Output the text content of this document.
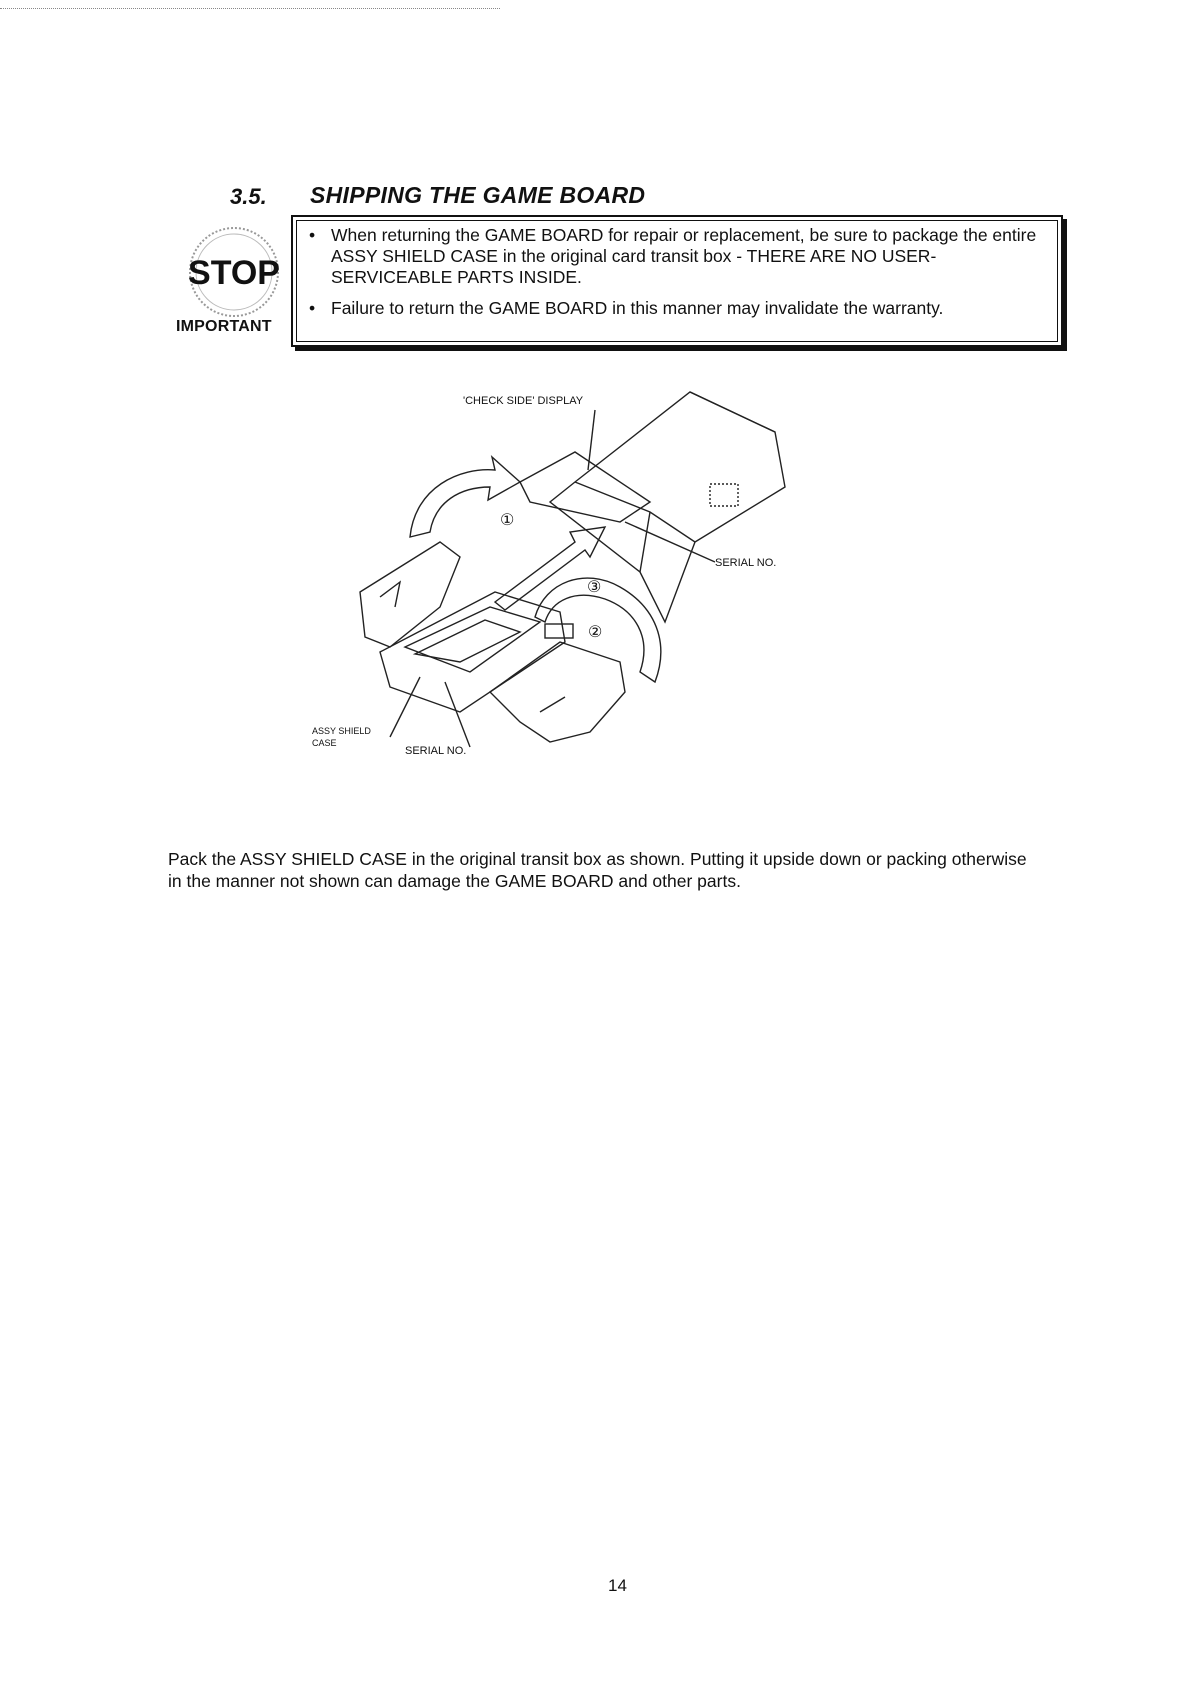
3.5. SHIPPING THE GAME BOARD
STOP
IMPORTANT
• When returning the GAME BOARD for repair or replacement, be sure to package the entire ASSY SHIELD CASE in the original card transit box - THERE ARE NO USER-SERVICEABLE PARTS INSIDE.
• Failure to return the GAME BOARD in this manner may invalidate the warranty.
'CHECK SIDE' DISPLAY
SERIAL NO.
ASSY SHIELD
CASE
SERIAL NO.
①
②
③
Pack the ASSY SHIELD CASE in the original transit box as shown. Putting it upside down or packing otherwise in the manner not shown can damage the GAME BOARD and other parts.
14
